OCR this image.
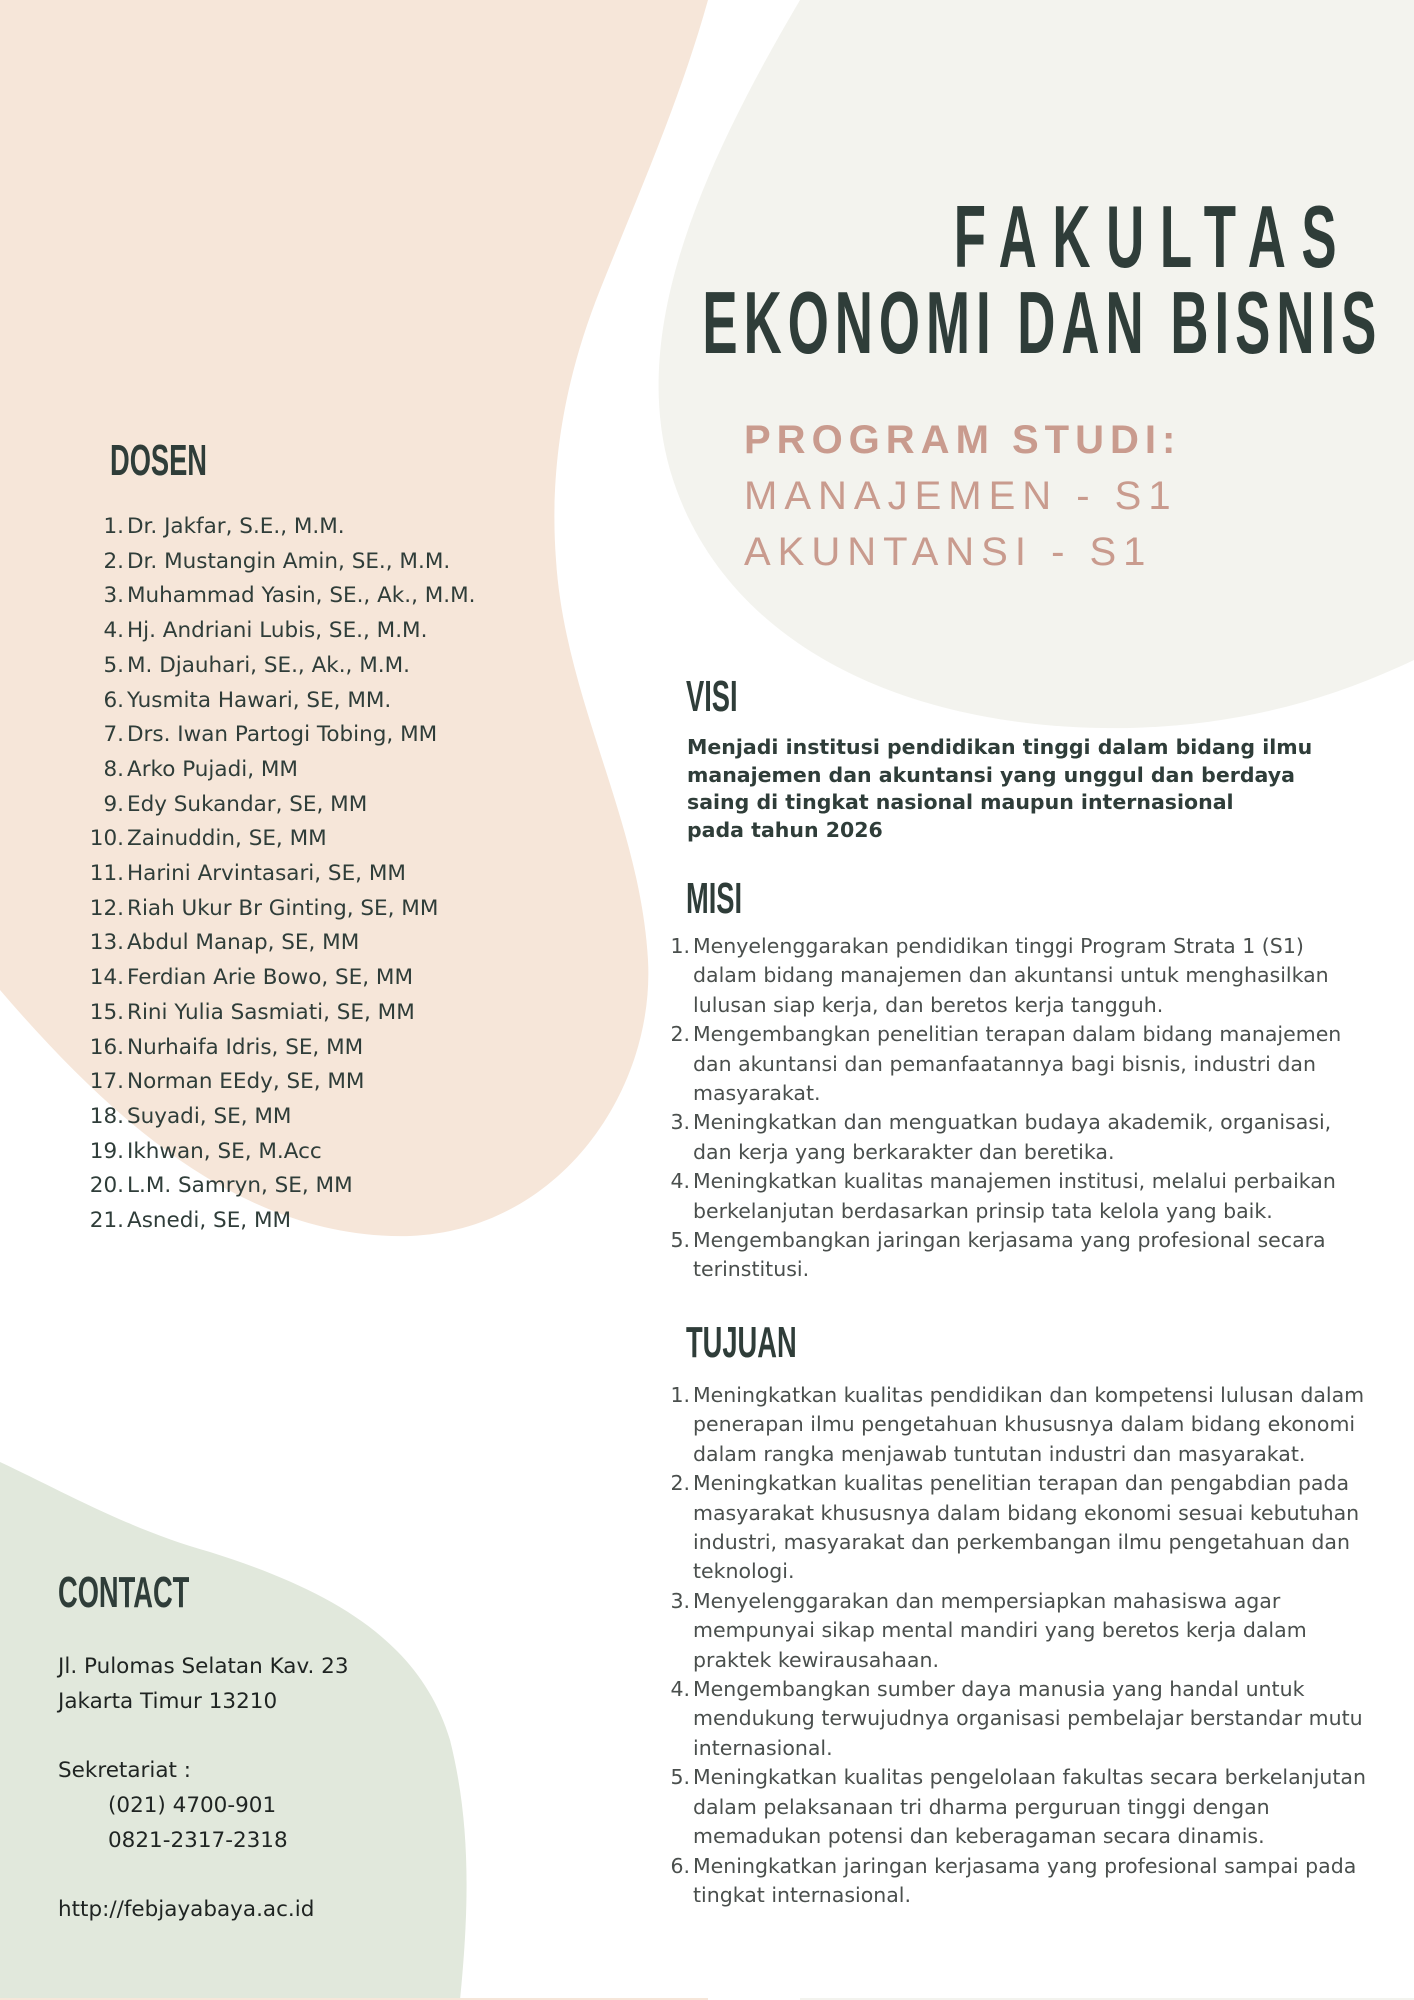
FAKULTAS
EKONOMI DAN BISNIS
PROGRAM STUDI:
MANAJEMEN - S1
AKUNTANSI - S1
DOSEN
1. Dr. Jakfar, S.E., M.M.
2. Dr. Mustangin Amin, SE., M.M.
3. Muhammad Yasin, SE., Ak., M.M.
4. Hj. Andriani Lubis, SE., M.M.
5. M. Djauhari, SE., Ak., M.M.
6. Yusmita Hawari, SE, MM.
7. Drs. Iwan Partogi Tobing, MM
8. Arko Pujadi, MM
9. Edy Sukandar, SE, MM
10. Zainuddin, SE, MM
11. Harini Arvintasari, SE, MM
12. Riah Ukur Br Ginting, SE, MM
13. Abdul Manap, SE, MM
14. Ferdian Arie Bowo, SE, MM
15. Rini Yulia Sasmiati, SE, MM
16. Nurhaifa Idris, SE, MM
17. Norman EEdy, SE, MM
18. Suyadi, SE, MM
19. Ikhwan, SE, M.Acc
20. L.M. Samryn, SE, MM
21. Asnedi, SE, MM
VISI
Menjadi institusi pendidikan tinggi dalam bidang ilmu
manajemen dan akuntansi yang unggul dan berdaya
saing di tingkat nasional maupun internasional
pada tahun 2026
MISI
1. Menyelenggarakan pendidikan tinggi Program Strata 1 (S1) dalam bidang manajemen dan akuntansi untuk menghasilkan lulusan siap kerja, dan beretos kerja tangguh.
2. Mengembangkan penelitian terapan dalam bidang manajemen dan akuntansi dan pemanfaatannya bagi bisnis, industri dan masyarakat.
3. Meningkatkan dan menguatkan budaya akademik, organisasi, dan kerja yang berkarakter dan beretika.
4. Meningkatkan kualitas manajemen institusi, melalui perbaikan berkelanjutan berdasarkan prinsip tata kelola yang baik.
5. Mengembangkan jaringan kerjasama yang profesional secara terinstitusi.
TUJUAN
1. Meningkatkan kualitas pendidikan dan kompetensi lulusan dalam penerapan ilmu pengetahuan khususnya dalam bidang ekonomi dalam rangka menjawab tuntutan industri dan masyarakat.
2. Meningkatkan kualitas penelitian terapan dan pengabdian pada masyarakat khususnya dalam bidang ekonomi sesuai kebutuhan industri, masyarakat dan perkembangan ilmu pengetahuan dan teknologi.
3. Menyelenggarakan dan mempersiapkan mahasiswa agar mempunyai sikap mental mandiri yang beretos kerja dalam praktek kewirausahaan.
4. Mengembangkan sumber daya manusia yang handal untuk mendukung terwujudnya organisasi pembelajar berstandar mutu internasional.
5. Meningkatkan kualitas pengelolaan fakultas secara berkelanjutan dalam pelaksanaan tri dharma perguruan tinggi dengan memadukan potensi dan keberagaman secara dinamis.
6. Meningkatkan jaringan kerjasama yang profesional sampai pada tingkat internasional.
CONTACT
Jl. Pulomas Selatan Kav. 23
Jakarta Timur 13210
Sekretariat :
(021) 4700-901
0821-2317-2318
http://febjayabaya.ac.id
